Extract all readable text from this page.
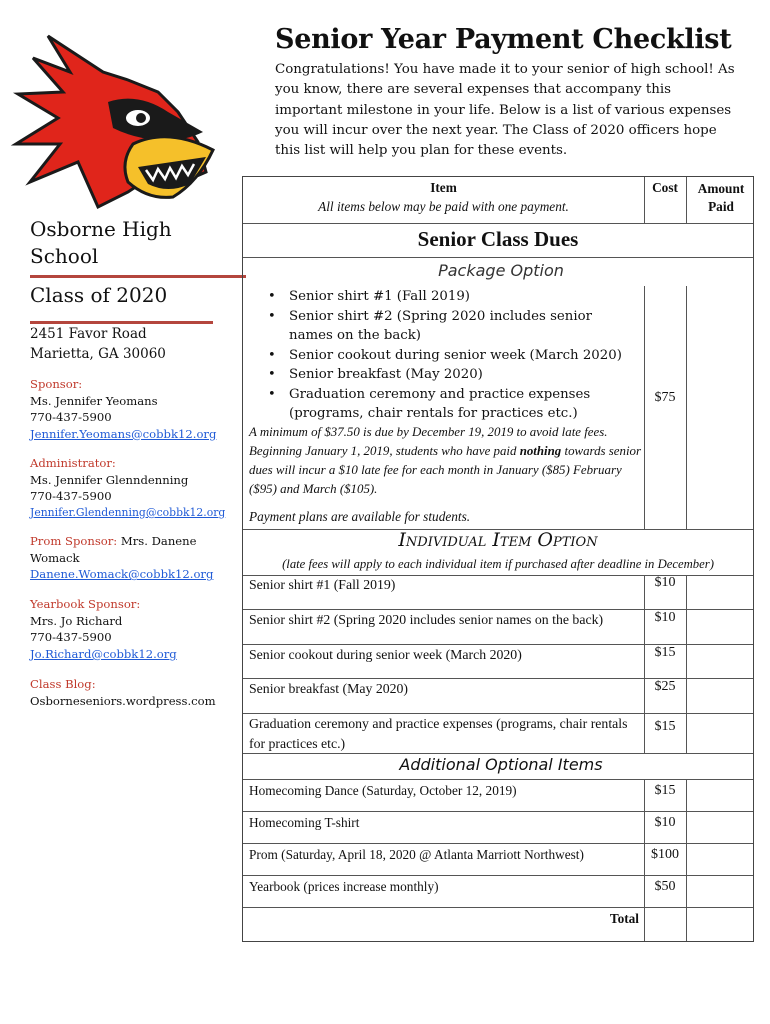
Senior Year Payment Checklist
Congratulations! You have made it to your senior of high school! As you know, there are several expenses that accompany this important milestone in your life. Below is a list of various expenses you will incur over the next year. The Class of 2020 officers hope this list will help you plan for these events.
Osborne High School
Class of 2020
2451 Favor Road
Marietta, GA 30060
Sponsor:
Ms. Jennifer Yeomans
770-437-5900
Jennifer.Yeomans@cobbk12.org
Administrator:
Ms. Jennifer Glenndenning
770-437-5900
Jennifer.Glendenning@cobbk12.org
Prom Sponsor: Mrs. Danene Womack
Danene.Womack@cobbk12.org
Yearbook Sponsor:
Mrs. Jo Richard
770-437-5900
Jo.Richard@cobbk12.org
Class Blog:
Osborneseniors.wordpress.com
Item
All items below may be paid with one payment.
Cost	Amount Paid
Senior Class Dues
Package Option
• Senior shirt #1 (Fall 2019)
• Senior shirt #2 (Spring 2020 includes senior names on the back)
• Senior cookout during senior week (March 2020)
• Senior breakfast (May 2020)
• Graduation ceremony and practice expenses (programs, chair rentals for practices etc.)
$75
A minimum of $37.50 is due by December 19, 2019 to avoid late fees. Beginning January 1, 2019, students who have paid nothing towards senior dues will incur a $10 late fee for each month in January ($85) February ($95) and March ($105).
Payment plans are available for students.
Individual Item Option
(late fees will apply to each individual item if purchased after deadline in December)
Senior shirt #1 (Fall 2019)	$10
Senior shirt #2 (Spring 2020 includes senior names on the back)	$10
Senior cookout during senior week (March 2020)	$15
Senior breakfast (May 2020)	$25
Graduation ceremony and practice expenses (programs, chair rentals for practices etc.)
$15
Additional Optional Items
Homecoming Dance (Saturday, October 12, 2019)	$15
Homecoming T-shirt	$10
Prom (Saturday, April 18, 2020 @ Atlanta Marriott Northwest)	$100
Yearbook (prices increase monthly)	$50
Total
